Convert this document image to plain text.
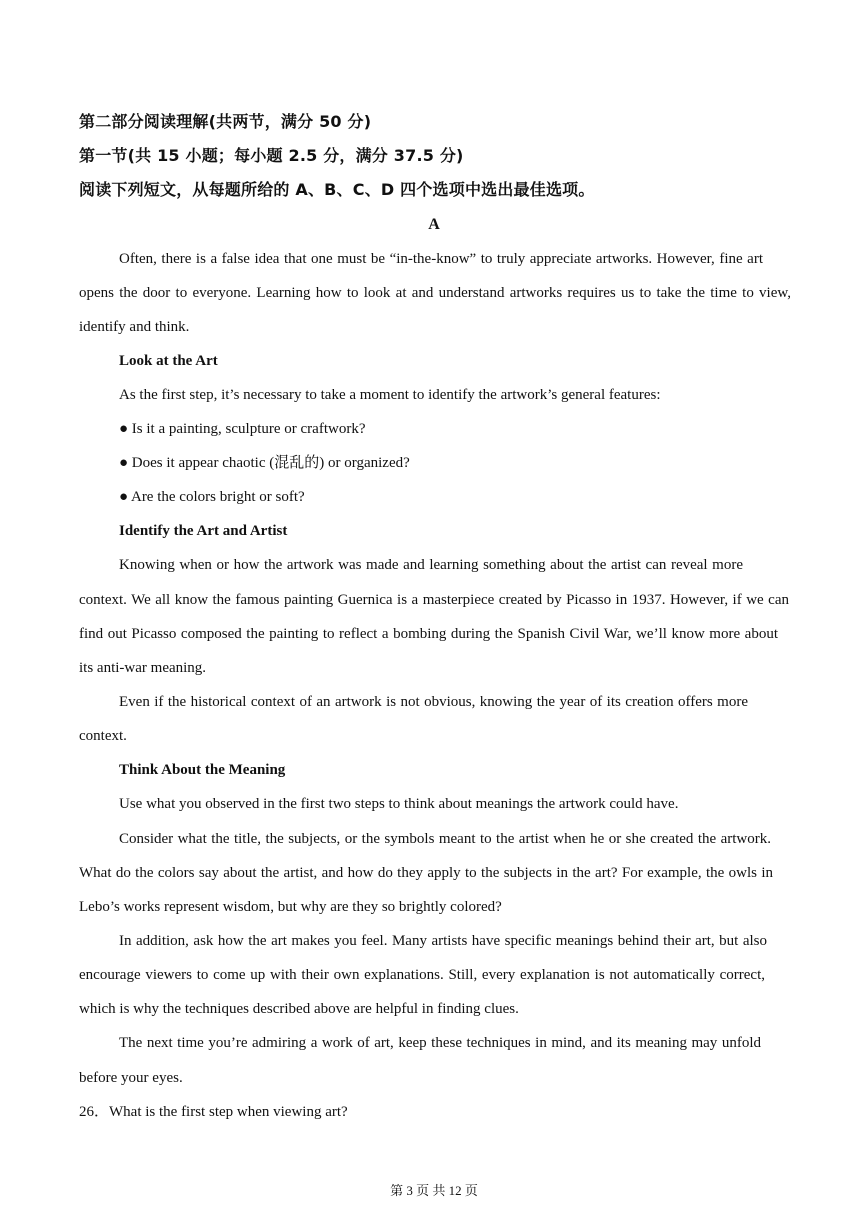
第二部分阅读理解(共两节，满分 50 分)
第一节(共 15 小题；每小题 2.5 分，满分 37.5 分)
阅读下列短文，从每题所给的 A、B、C、D 四个选项中选出最佳选项。
A
Often, there is a false idea that one must be “in-the-know” to truly appreciate artworks. However, fine art
opens the door to everyone. Learning how to look at and understand artworks requires us to take the time to view,
identify and think.
Look at the Art
As the first step, it’s necessary to take a moment to identify the artwork’s general features:
● Is it a painting, sculpture or craftwork?
● Does it appear chaotic (混乱的) or organized?
● Are the colors bright or soft?
Identify the Art and Artist
Knowing when or how the artwork was made and learning something about the artist can reveal more
context. We all know the famous painting Guernica is a masterpiece created by Picasso in 1937. However, if we can
find out Picasso composed the painting to reflect a bombing during the Spanish Civil War, we’ll know more about
its anti-war meaning.
Even if the historical context of an artwork is not obvious, knowing the year of its creation offers more
context.
Think About the Meaning
Use what you observed in the first two steps to think about meanings the artwork could have.
Consider what the title, the subjects, or the symbols meant to the artist when he or she created the artwork.
What do the colors say about the artist, and how do they apply to the subjects in the art? For example, the owls in
Lebo’s works represent wisdom, but why are they so brightly colored?
In addition, ask how the art makes you feel. Many artists have specific meanings behind their art, but also
encourage viewers to come up with their own explanations. Still, every explanation is not automatically correct,
which is why the techniques described above are helpful in finding clues.
The next time you’re admiring a work of art, keep these techniques in mind, and its meaning may unfold
before your eyes.
26．What is the first step when viewing art?
第 3 页 共 12 页
